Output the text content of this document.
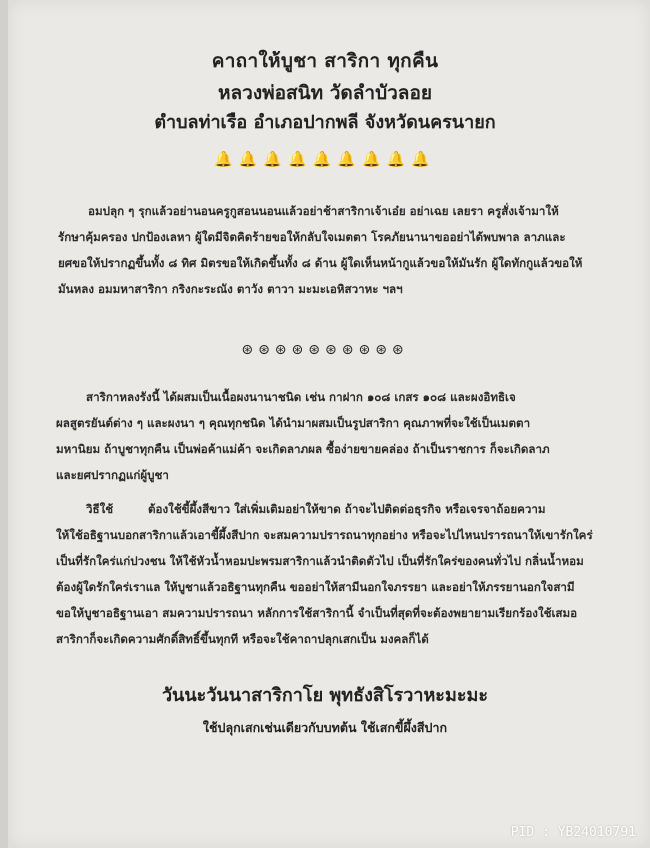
คาถาให้บูชา สาริกา ทุกคืน
หลวงพ่อสนิท วัดลำบัวลอย
ตำบลท่าเรือ อำเภอปากพลี จังหวัดนครนายก
🔔🔔🔔🔔🔔🔔🔔🔔🔔
อมปลุก ๆ รุกแล้วอย่านอนครูกูสอนนอนแล้วอย่าช้าสาริกาเจ้าเอ๋ย อย่าเฉย เลยรา ครูสั่งเจ้ามาให้
รักษาคุ้มครอง ปกป้องเลหา ผู้ใดมีจิตคิดร้ายขอให้กลับใจเมตตา โรคภัยนานาขออย่าได้พบพาล ลาภและ
ยศขอให้ปรากฏขึ้นทั้ง ๘ ทิศ มิตรขอให้เกิดขึ้นทั้ง ๘ ด้าน ผู้ใดเห็นหน้ากูแล้วขอให้มันรัก ผู้ใดทักกูแล้วขอให้
มันหลง อมมหาสาริกา กริงกะระณัง ตาวัง ตาวา มะมะเอหิสวาหะ ฯลฯ
⊛⊛⊛⊛⊛⊛⊛⊛⊛⊛
สาริกาหลงรังนี้ ได้ผสมเป็นเนื้อผงนานาชนิด เช่น กาฝาก ๑๐๘ เกสร ๑๐๘ และผงอิทธิเจ
ผลสูตรยันต์ต่าง ๆ และผงนา ๆ คุณทุกชนิด ได้นำมาผสมเป็นรูปสาริกา คุณภาพที่จะใช้เป็นเมตตา
มหานิยม ถ้าบูชาทุกคืน เป็นพ่อค้าแม่ค้า จะเกิดลาภผล ซื้อง่ายขายคล่อง ถ้าเป็นราชการ ก็จะเกิดลาภ
และยศปรากฏแก่ผู้บูชา
วิธีใช้	ต้องใช้ขี้ผึ้งสีขาว ใส่เพิ่มเติมอย่าให้ขาด ถ้าจะไปติดต่อธุรกิจ หรือเจรจาถ้อยความ
ให้ใช้อธิฐานบอกสาริกาแล้วเอาขี้ผึ้งสีปาก จะสมความปรารถนาทุกอย่าง หรือจะไปไหนปรารถนาให้เขารักใคร่
เป็นที่รักใคร่แก่ปวงชน ให้ใช้หัวน้ำหอมปะพรมสาริกาแล้วนำติดตัวไป เป็นที่รักใคร่ของคนทั่วไป กลิ่นน้ำหอม
ต้องผู้ใดรักใคร่เราแล ให้บูชาแล้วอธิฐานทุกคืน ขออย่าให้สามีนอกใจภรรยา และอย่าให้ภรรยานอกใจสามี
ขอให้บูชาอธิฐานเอา สมความปรารถนา หลักการใช้สาริกานี้ จำเป็นที่สุดที่จะต้องพยายามเรียกร้องใช้เสมอ
สาริกาก็จะเกิดความศักดิ์สิทธิ์ขึ้นทุกที หรือจะใช้คาถาปลุกเสกเป็น มงคลก็ได้
วันนะวันนาสาริกาโย พุทธังสิโรวาหะมะมะ
ใช้ปลุกเสกเช่นเดียวกับบทต้น ใช้เสกขี้ผึ้งสีปาก
PID : YB24010791
